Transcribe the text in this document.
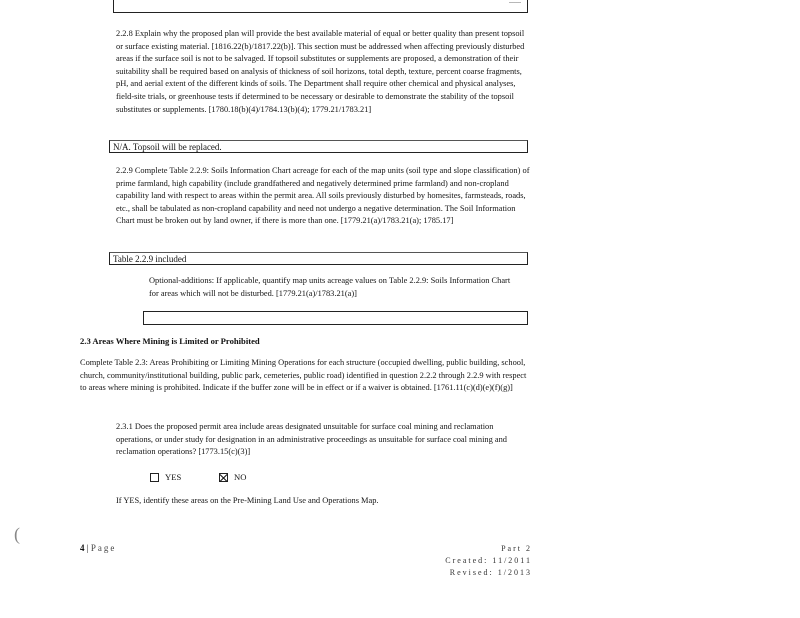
......

2.2.8 Explain why the proposed plan will provide the best available material of equal or better quality than present topsoil or surface existing material. [1816.22(b)/1817.22(b)]. This section must be addressed when affecting previously disturbed areas if the surface soil is not to be salvaged. If topsoil substitutes or supplements are proposed, a demonstration of their suitability shall be required based on analysis of thickness of soil horizons, total depth, texture, percent coarse fragments, pH, and aerial extent of the different kinds of soils. The Department shall require other chemical and physical analyses, field-site trials, or greenhouse tests if determined to be necessary or desirable to demonstrate the stability of the topsoil substitutes or supplements. [1780.18(b)(4)/1784.13(b)(4); 1779.21/1783.21]

N/A. Topsoil will be replaced.

2.2.9 Complete Table 2.2.9: Soils Information Chart acreage for each of the map units (soil type and slope classification) of prime farmland, high capability (include grandfathered and negatively determined prime farmland) and non-cropland capability land with respect to areas within the permit area. All soils previously disturbed by homesites, farmsteads, roads, etc., shall be tabulated as non-cropland capability and need not undergo a negative determination. The Soil Information Chart must be broken out by land owner, if there is more than one. [1779.21(a)/1783.21(a); 1785.17]

Table 2.2.9 included

Optional-additions: If applicable, quantify map units acreage values on Table 2.2.9: Soils Information Chart for areas which will not be disturbed. [1779.21(a)/1783.21(a)]

2.3 Areas Where Mining is Limited or Prohibited

Complete Table 2.3: Areas Prohibiting or Limiting Mining Operations for each structure (occupied dwelling, public building, school, church, community/institutional building, public park, cemeteries, public road) identified in question 2.2.2 through 2.2.9 with respect to areas where mining is prohibited. Indicate if the buffer zone will be in effect or if a waiver is obtained. [1761.11(c)(d)(e)(f)(g)]

2.3.1 Does the proposed permit area include areas designated unsuitable for surface coal mining and reclamation operations, or under study for designation in an administrative proceedings as unsuitable for surface coal mining and reclamation operations? [1773.15(c)(3)]

YES	NO

If YES, identify these areas on the Pre-Mining Land Use and Operations Map.

(
4 | Page	Part 2
Created: 11/2011
Revised: 1/2013
